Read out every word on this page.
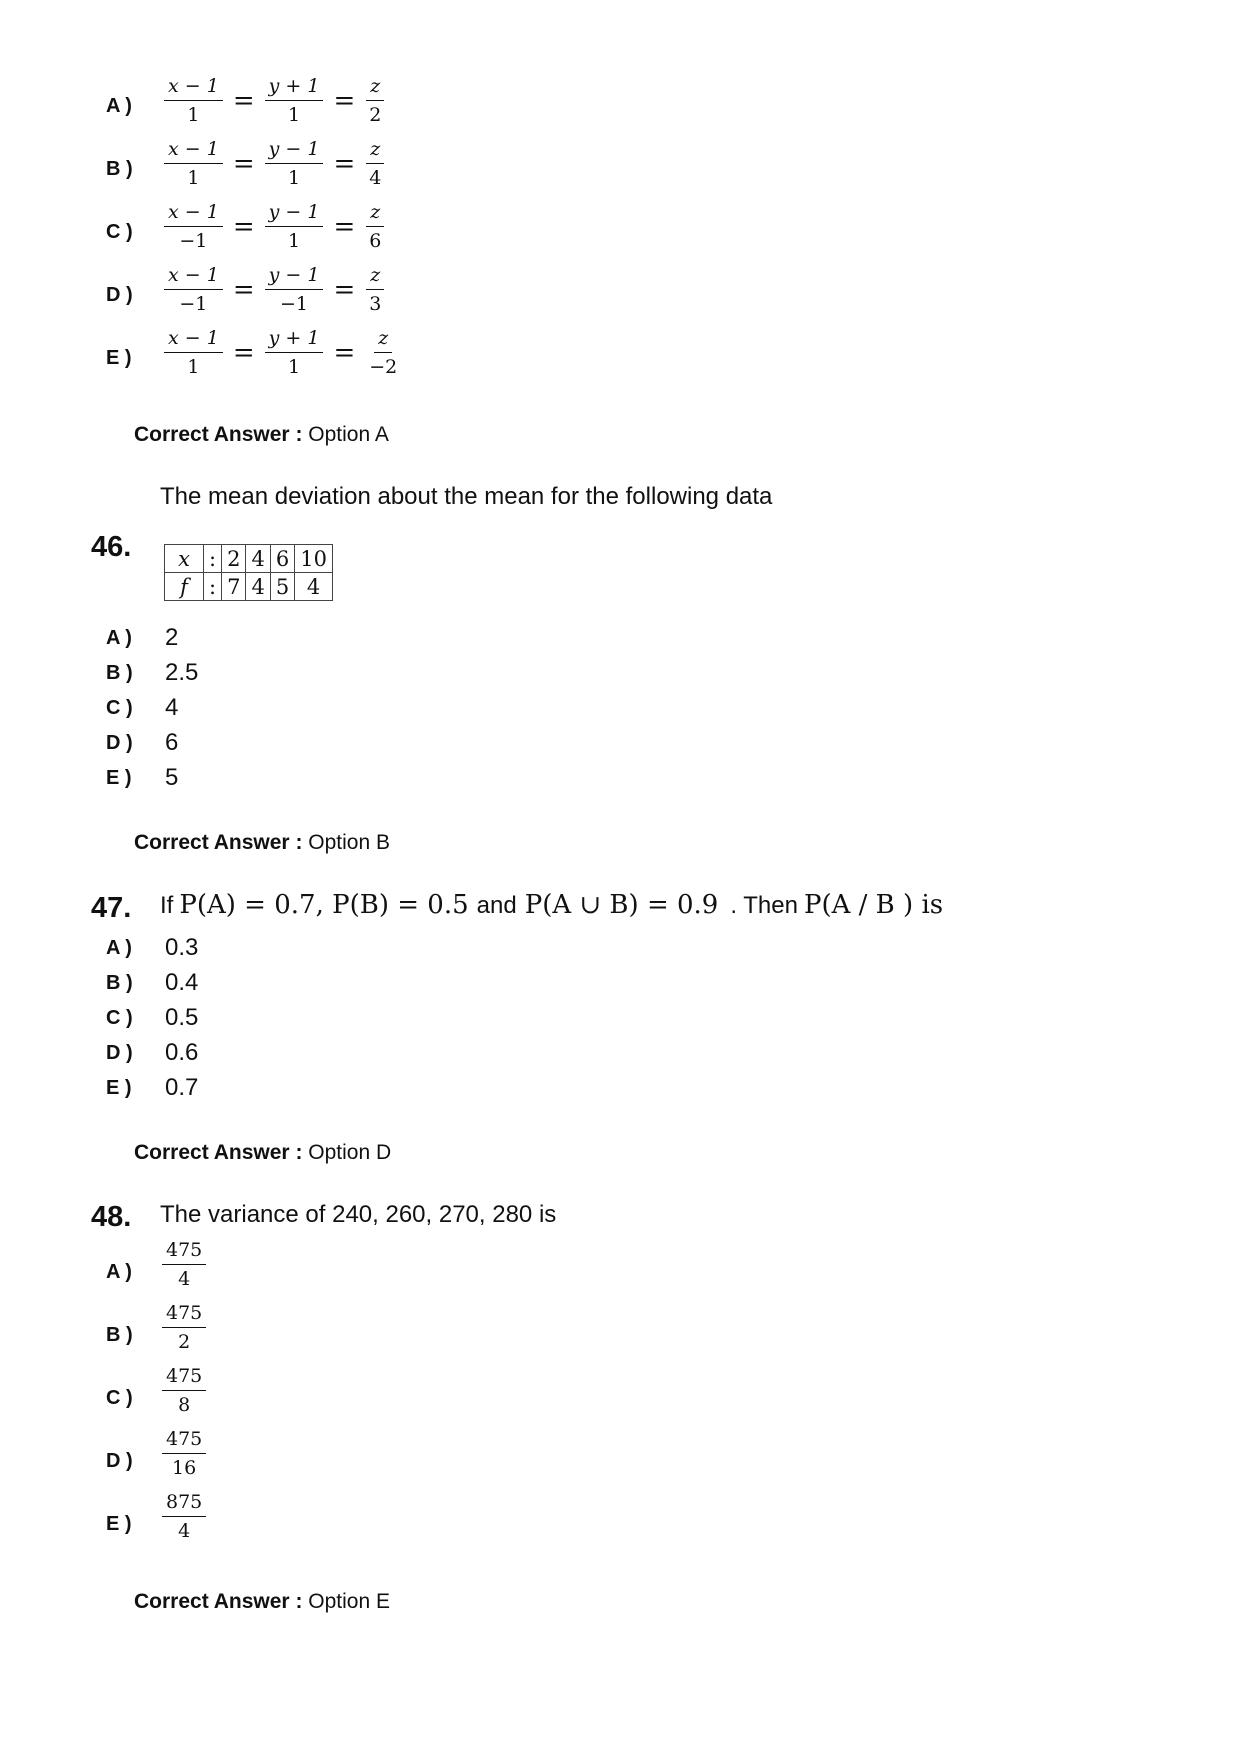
A )	$\frac{x - 1}{1} = \frac{y + 1}{1} = \frac{z}{2}$
B )	$\frac{x - 1}{1} = \frac{y - 1}{1} = \frac{z}{4}$
C )	$\frac{x - 1}{-1} = \frac{y - 1}{1} = \frac{z}{6}$
D )	$\frac{x - 1}{-1} = \frac{y - 1}{-1} = \frac{z}{3}$
E )	$\frac{x - 1}{1} = \frac{y + 1}{1} = \frac{z}{-2}$
Correct Answer : Option A
The mean deviation about the mean for the following data
46. x	:	2	4	6	10
f	:	7	4	5	4
A )	2
B )	2.5
C )	4
D )	6
E )	5
Correct Answer : Option B
47. If P(A) = 0.7, P(B) = 0.5 and P(A ∪ B) = 0.9 . Then P(A / B ) is
A )	0.3
B )	0.4
C )	0.5
D )	0.6
E )	0.7
Correct Answer : Option D
48. The variance of 240, 260, 270, 280 is
A )	$\frac{475}{4}$
B )	$\frac{475}{2}$
C )	$\frac{475}{8}$
D )	$\frac{475}{16}$
E )	$\frac{875}{4}$
Correct Answer : Option E
